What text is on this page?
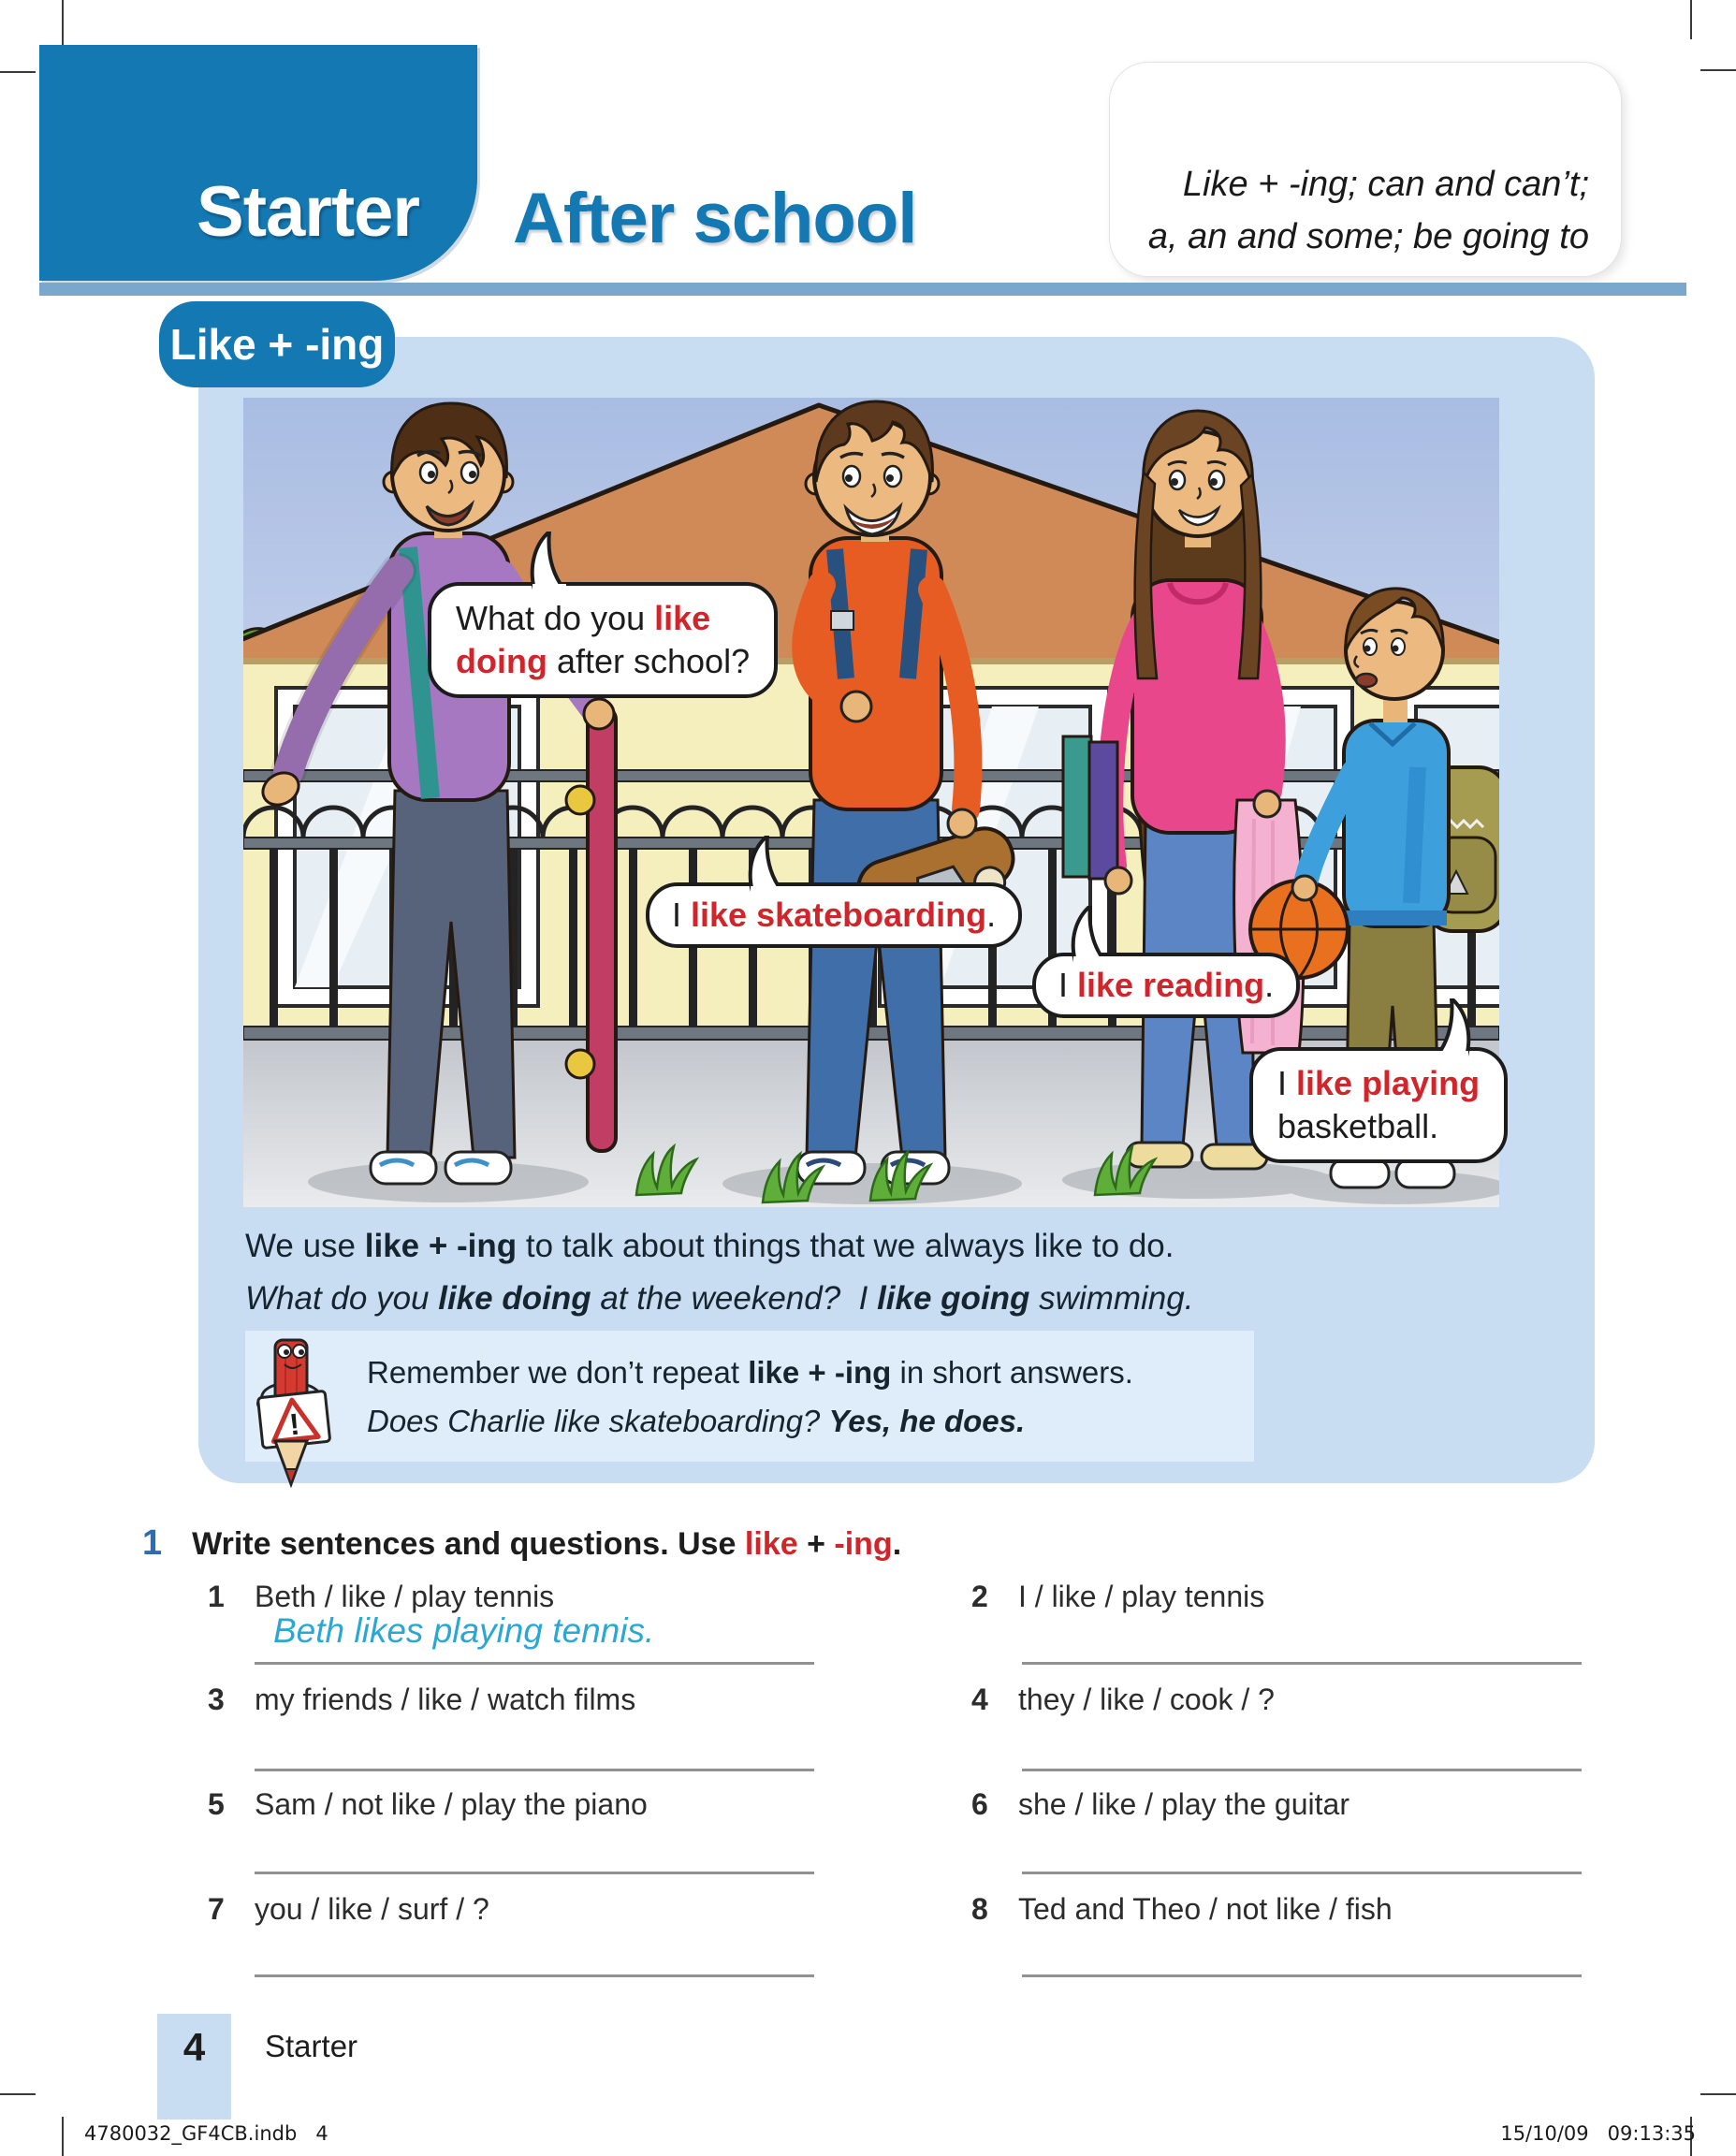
Starter After school	Like + -ing; can and can’t;
a, an and some; be going to
Like + -ing
What do you like
doing after school?
I like skateboarding.
I like reading.
I like playing
basketball.
We use like + -ing to talk about things that we always like to do.
What do you like doing at the weekend?  I like going swimming.
!
Remember we don’t repeat like + -ing in short answers.
Does Charlie like skateboarding? Yes, he does.
1 Write sentences and questions. Use like + -ing.
1 Beth / like / play tennis
Beth likes playing tennis.
2 I / like / play tennis
3 my friends / like / watch films	4 they / like / cook / ?
5 Sam / not like / play the piano	6 she / like / play the guitar
7 you / like / surf / ?	8 Ted and Theo / not like / fish
4 Starter
4780032_GF4CB.indb   4	15/10/09   09:13:35
